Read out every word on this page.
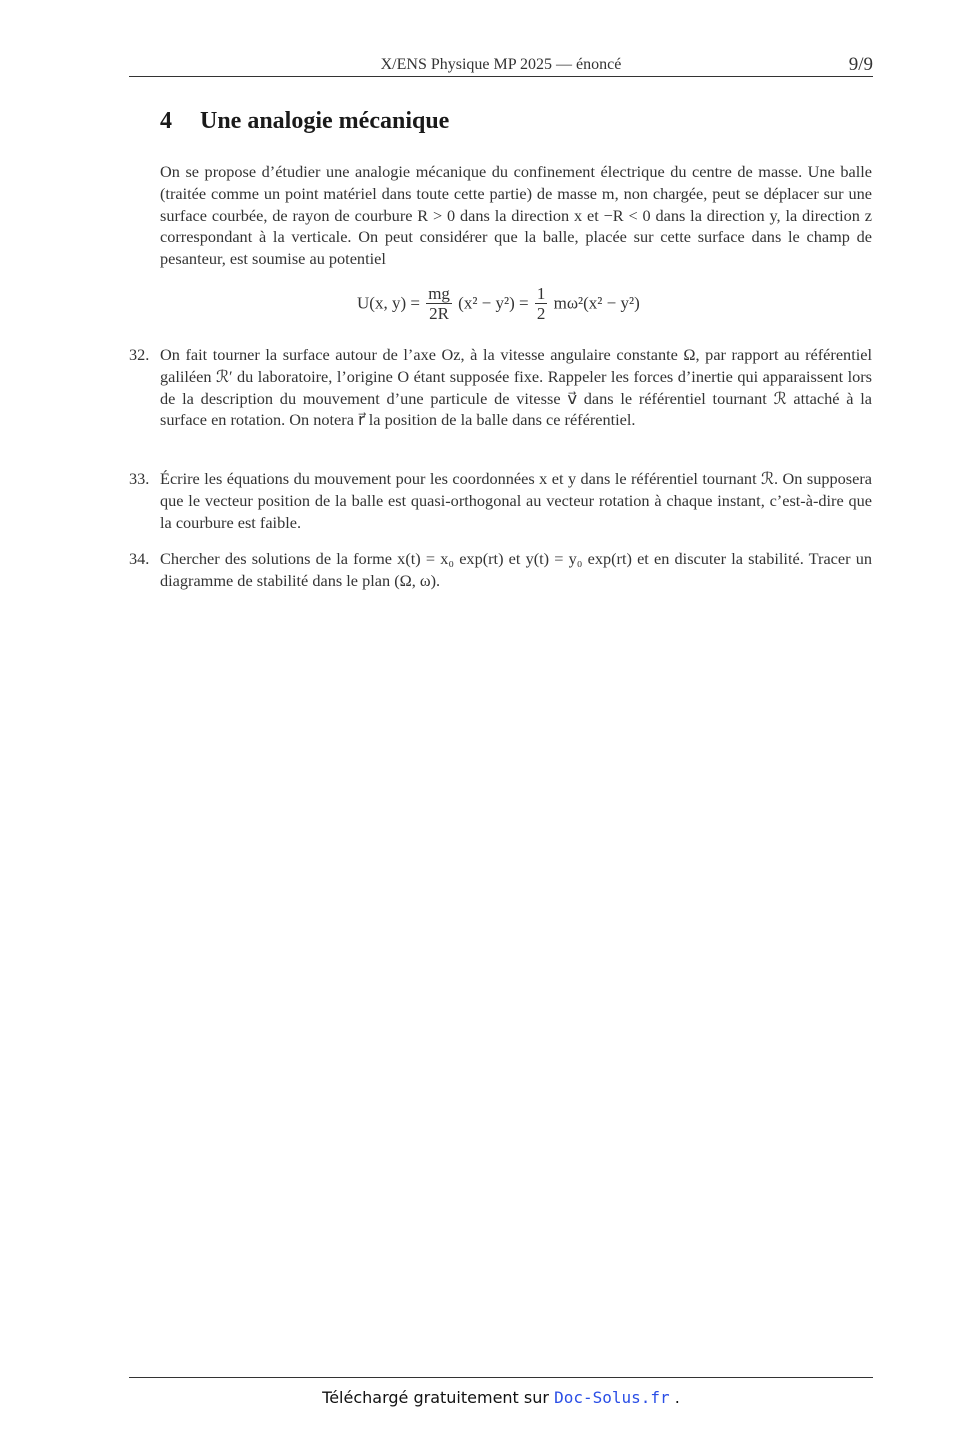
X/ENS Physique MP 2025 — énoncé	9/9
4 Une analogie mécanique
On se propose d’étudier une analogie mécanique du confinement électrique du centre de masse. Une balle (traitée comme un point matériel dans toute cette partie) de masse m, non chargée, peut se déplacer sur une surface courbée, de rayon de courbure R > 0 dans la direction x et −R < 0 dans la direction y, la direction z correspondant à la verticale. On peut considérer que la balle, placée sur cette surface dans le champ de pesanteur, est soumise au potentiel
U(x, $y) = \frac{mg}{2R} (x^2 - y^2) = \frac{1}{2} m\omega^2(x^2 - y^2)$
32. On fait tourner la surface autour de l’axe Oz, à la vitesse angulaire constante Ω, par rapport au référentiel galiléen ℛ′ du laboratoire, l’origine O étant supposée fixe. Rappeler les forces d’inertie qui apparaissent lors de la description du mouvement d’une particule de vitesse v⃗ dans le référentiel tournant ℛ attaché à la surface en rotation. On notera r⃗ la position de la balle dans ce référentiel.
33. Écrire les équations du mouvement pour les coordonnées x et y dans le référentiel tournant ℛ. On supposera que le vecteur position de la balle est quasi-orthogonal au vecteur rotation à chaque instant, c’est-à-dire que la courbure est faible.
34. Chercher des solutions de la forme x(t) = x₀ exp(rt) et y(t) = y₀ exp(rt) et en discuter la stabilité. Tracer un diagramme de stabilité dans le plan (Ω, ω).
Téléchargé gratuitement sur Doc-Solus.fr .
